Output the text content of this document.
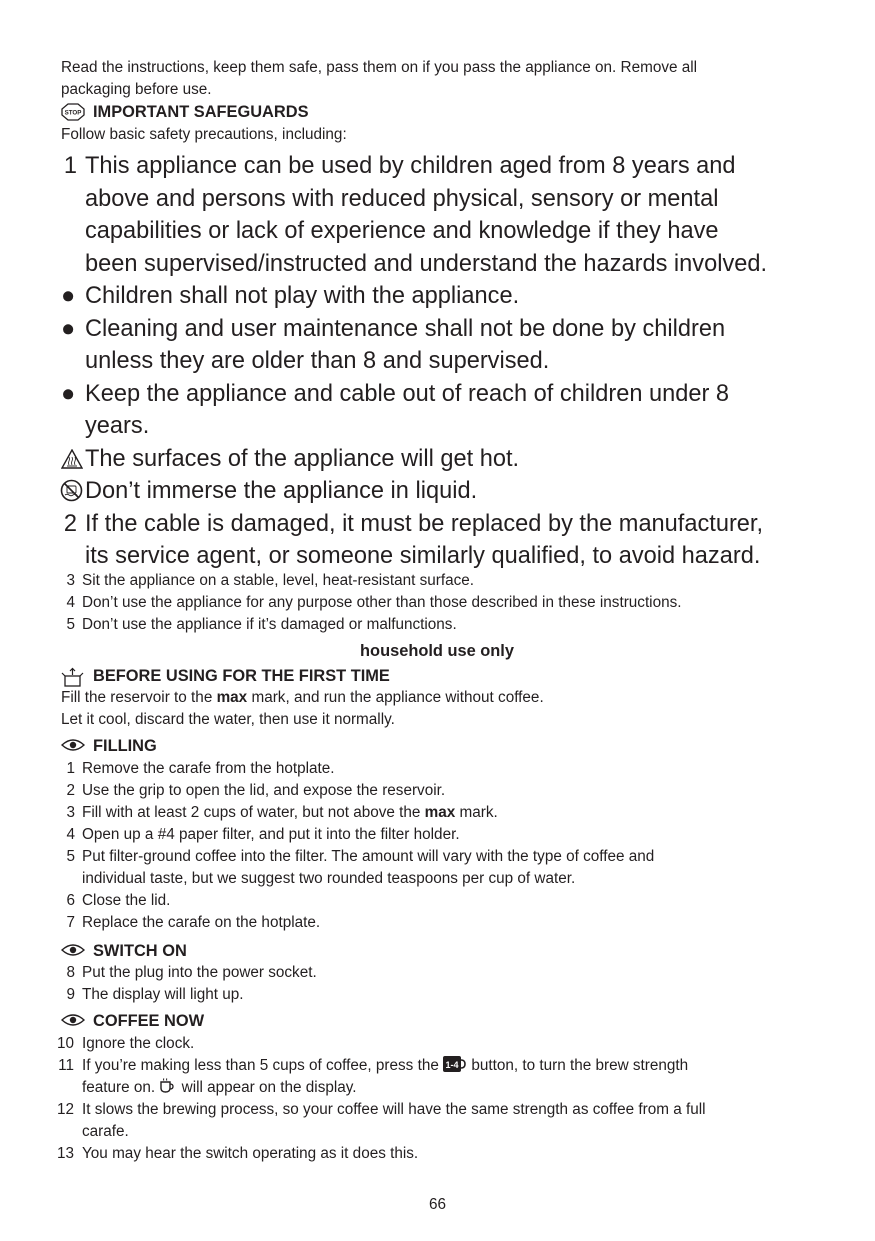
Read the instructions, keep them safe, pass them on if you pass the appliance on. Remove all
packaging before use.
STOP IMPORTANT SAFEGUARDS
Follow basic safety precautions, including:
1 This appliance can be used by children aged from 8 years and
above and persons with reduced physical, sensory or mental
capabilities or lack of experience and knowledge if they have
been supervised/instructed and understand the hazards involved.
● Children shall not play with the appliance.
● Cleaning and user maintenance shall not be done by children
unless they are older than 8 and supervised.
● Keep the appliance and cable out of reach of children under 8
years.
The surfaces of the appliance will get hot.
Don’t immerse the appliance in liquid.
2 If the cable is damaged, it must be replaced by the manufacturer,
its service agent, or someone similarly qualified, to avoid hazard.
3 Sit the appliance on a stable, level, heat-resistant surface.
4 Don’t use the appliance for any purpose other than those described in these instructions.
5 Don’t use the appliance if it’s damaged or malfunctions.
household use only
BEFORE USING FOR THE FIRST TIME
Fill the reservoir to the max mark, and run the appliance without coffee.
Let it cool, discard the water, then use it normally.
FILLING
1 Remove the carafe from the hotplate.
2 Use the grip to open the lid, and expose the reservoir.
3 Fill with at least 2 cups of water, but not above the max mark.
4 Open up a #4 paper filter, and put it into the filter holder.
5 Put filter-ground coffee into the filter. The amount will vary with the type of coffee and
individual taste, but we suggest two rounded teaspoons per cup of water.
6 Close the lid.
7 Replace the carafe on the hotplate.
SWITCH ON
8 Put the plug into the power socket.
9 The display will light up.
COFFEE NOW
10 Ignore the clock.
11 If you’re making less than 5 cups of coffee, press the 1-4 button, to turn the brew strength
feature on.
will appear on the display.
12 It slows the brewing process, so your coffee will have the same strength as coffee from a full
carafe.
13 You may hear the switch operating as it does this.
66
